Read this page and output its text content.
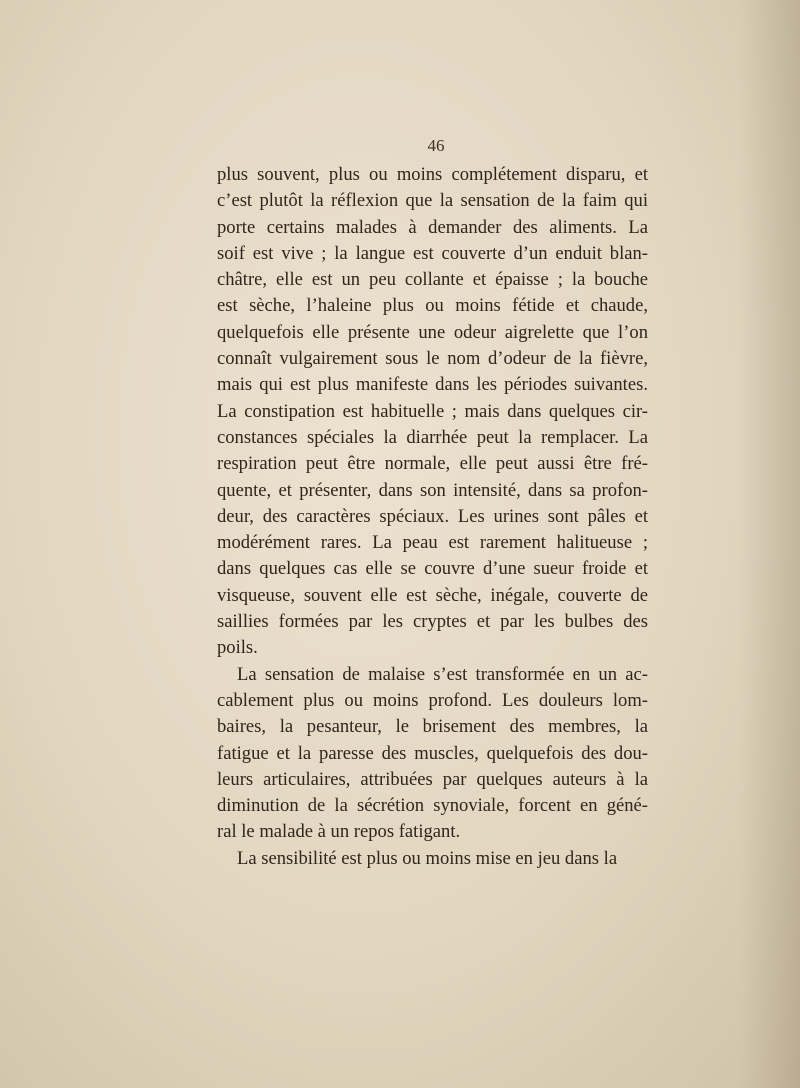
46

plus souvent, plus ou moins complétement disparu, et
c’est plutôt la réflexion que la sensation de la faim qui
porte certains malades à demander des aliments. La
soif est vive ; la langue est couverte d’un enduit blan-
châtre, elle est un peu collante et épaisse ; la bouche
est sèche, l’haleine plus ou moins fétide et chaude,
quelquefois elle présente une odeur aigrelette que l’on
connaît vulgairement sous le nom d’odeur de la fièvre,
mais qui est plus manifeste dans les périodes suivantes.
La constipation est habituelle ; mais dans quelques cir-
constances spéciales la diarrhée peut la remplacer. La
respiration peut être normale, elle peut aussi être fré-
quente, et présenter, dans son intensité, dans sa profon-
deur, des caractères spéciaux. Les urines sont pâles et
modérément rares. La peau est rarement halitueuse ;
dans quelques cas elle se couvre d’une sueur froide et
visqueuse, souvent elle est sèche, inégale, couverte de
saillies formées par les cryptes et par les bulbes des
poils.

La sensation de malaise s’est transformée en un ac-
cablement plus ou moins profond. Les douleurs lom-
baires, la pesanteur, le brisement des membres, la
fatigue et la paresse des muscles, quelquefois des dou-
leurs articulaires, attribuées par quelques auteurs à la
diminution de la sécrétion synoviale, forcent en géné-
ral le malade à un repos fatigant.

La sensibilité est plus ou moins mise en jeu dans la
